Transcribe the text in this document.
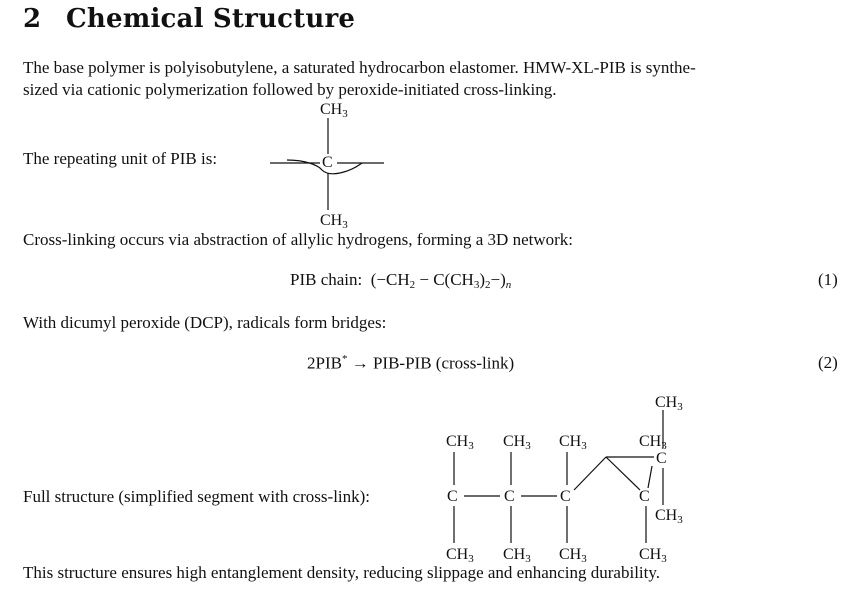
2 Chemical Structure
The base polymer is polyisobutylene, a saturated hydrocarbon elastomer. HMW-XL-PIB is synthe-
sized via cationic polymerization followed by peroxide-initiated cross-linking.
The repeating unit of PIB is:
$CH_3$
C
$CH_3$
Cross-linking occurs via abstraction of allylic hydrogens, forming a 3D network:
PIB chain: $(-CH_2 - C(CH_3)_2-)_n$	(1)
With dicumyl peroxide (DCP), radicals form bridges:
2PIB* → PIB-PIB (cross-link)	(2)
Full structure (simplified segment with cross-link):
$CH_3$ $CH_3$ $CH_3$	$CH_3$
$CH_3$
C	C	C	C
C
$CH_3$ $CH_3$ $CH_3$	$CH_3$
$CH_3$
This structure ensures high entanglement density, reducing slippage and enhancing durability.
